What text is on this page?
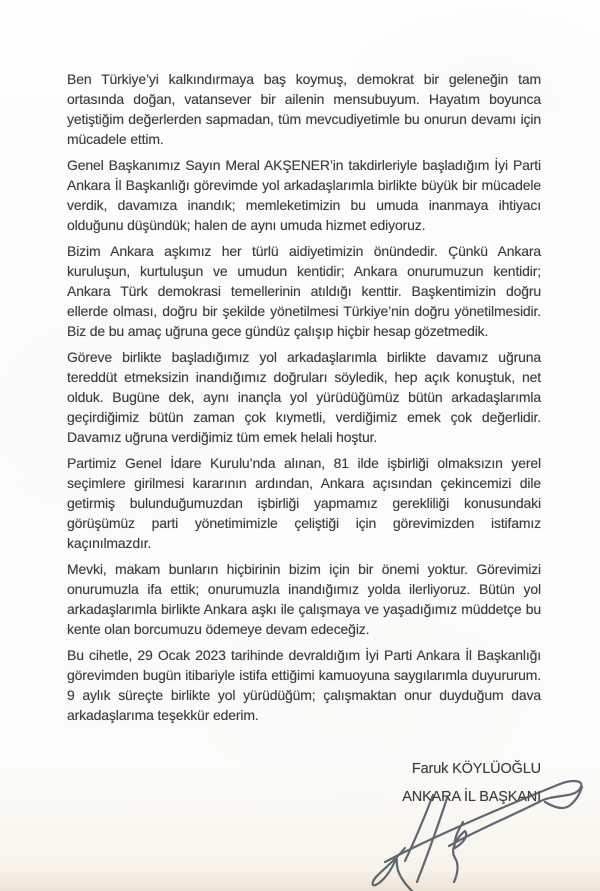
Ben Türkiye’yi kalkındırmaya baş koymuş, demokrat bir geleneğin tam ortasında doğan, vatansever bir ailenin mensubuyum. Hayatım boyunca yetiştiğim değerlerden sapmadan, tüm mevcudiyetimle bu onurun devamı için mücadele ettim.

Genel Başkanımız Sayın Meral AKŞENER’in takdirleriyle başladığım İyi Parti Ankara İl Başkanlığı görevimde yol arkadaşlarımla birlikte büyük bir mücadele verdik, davamıza inandık; memleketimizin bu umuda inanmaya ihtiyacı olduğunu düşündük; halen de aynı umuda hizmet ediyoruz.

Bizim Ankara aşkımız her türlü aidiyetimizin önündedir. Çünkü Ankara kuruluşun, kurtuluşun ve umudun kentidir; Ankara onurumuzun kentidir; Ankara Türk demokrasi temellerinin atıldığı kenttir. Başkentimizin doğru ellerde olması, doğru bir şekilde yönetilmesi Türkiye’nin doğru yönetilmesidir. Biz de bu amaç uğruna gece gündüz çalışıp hiçbir hesap gözetmedik.

Göreve birlikte başladığımız yol arkadaşlarımla birlikte davamız uğruna tereddüt etmeksizin inandığımız doğruları söyledik, hep açık konuştuk, net olduk. Bugüne dek, aynı inançla yol yürüdüğümüz bütün arkadaşlarımla geçirdiğimiz bütün zaman çok kıymetli, verdiğimiz emek çok değerlidir. Davamız uğruna verdiğimiz tüm emek helali hoştur.

Partimiz Genel İdare Kurulu’nda alınan, 81 ilde işbirliği olmaksızın yerel seçimlere girilmesi kararının ardından, Ankara açısından çekincemizi dile getirmiş bulunduğumuzdan işbirliği yapmamız gerekliliği konusundaki görüşümüz parti yönetimimizle çeliştiği için görevimizden istifamız kaçınılmazdır.

Mevki, makam bunların hiçbirinin bizim için bir önemi yoktur. Görevimizi onurumuzla ifa ettik; onurumuzla inandığımız yolda ilerliyoruz. Bütün yol arkadaşlarımla birlikte Ankara aşkı ile çalışmaya ve yaşadığımız müddetçe bu kente olan borcumuzu ödemeye devam edeceğiz.

Bu cihetle, 29 Ocak 2023 tarihinde devraldığım İyi Parti Ankara İl Başkanlığı görevimden bugün itibariyle istifa ettiğimi kamuoyuna saygılarımla duyururum. 9 aylık süreçte birlikte yol yürüdüğüm; çalışmaktan onur duyduğum dava arkadaşlarıma teşekkür ederim.

Faruk KÖYLÜOĞLU
ANKARA İL BAŞKANI
